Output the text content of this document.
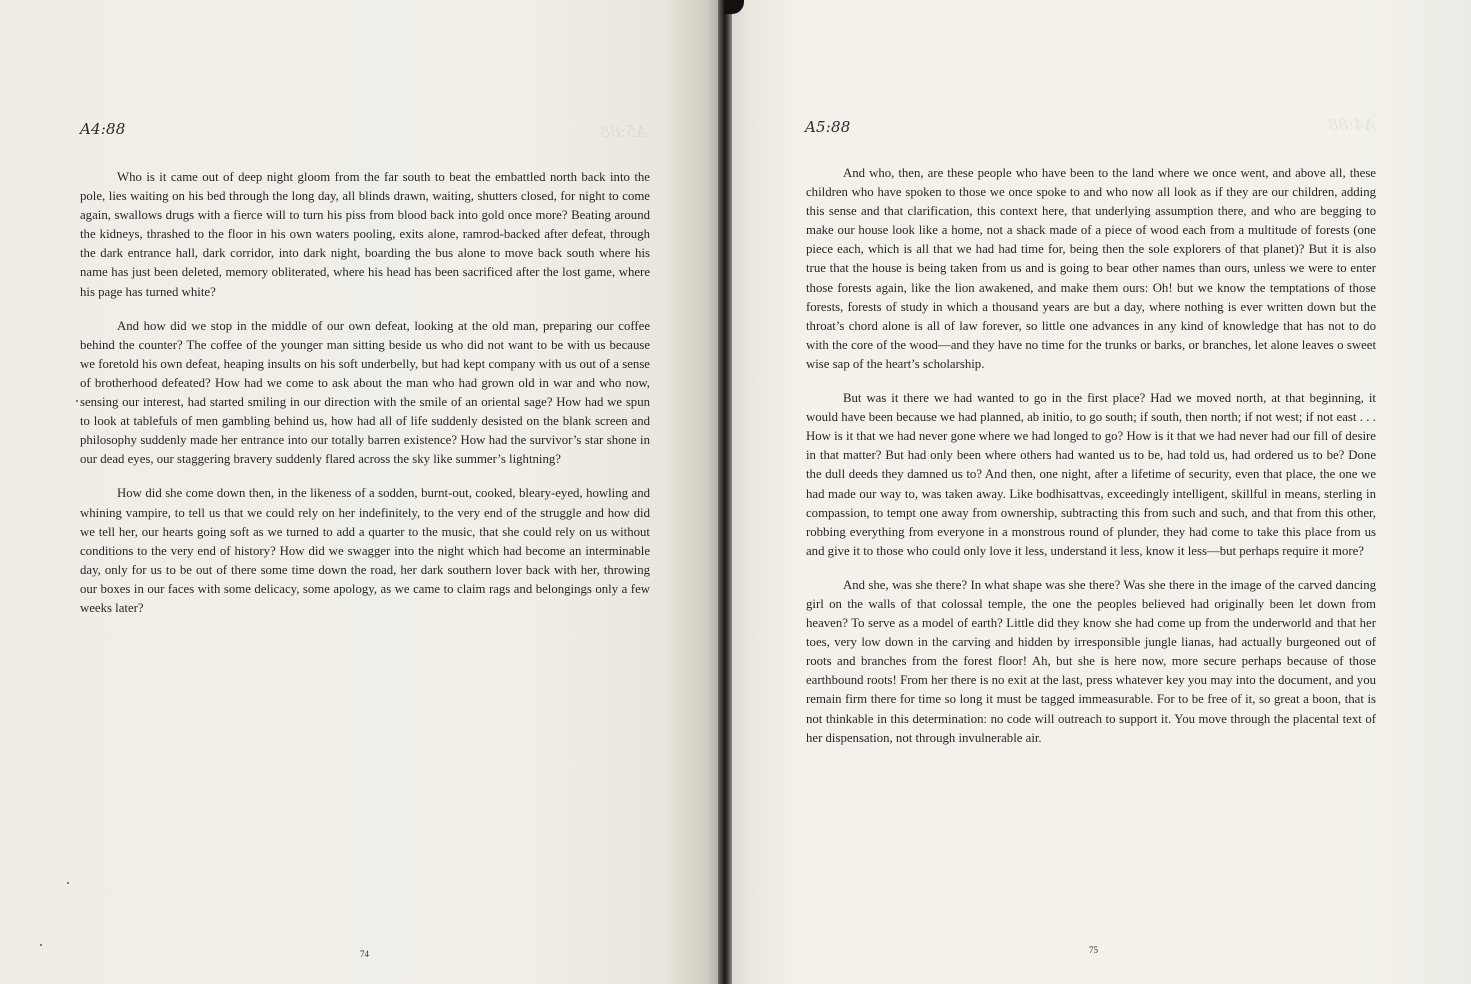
A5:88
A4:88

Who is it came out of deep night gloom from the far south to beat the embattled north back into the pole, lies waiting on his bed through the long day, all blinds drawn, waiting, shutters closed, for night to come again, swallows drugs with a fierce will to turn his piss from blood back into gold once more? Beating around the kidneys, thrashed to the floor in his own waters pooling, exits alone, ramrod-backed after defeat, through the dark entrance hall, dark corridor, into dark night, boarding the bus alone to move back south where his name has just been deleted, memory obliterated, where his head has been sacrificed after the lost game, where his page has turned white?

And how did we stop in the middle of our own defeat, looking at the old man, preparing our coffee behind the counter? The coffee of the younger man sitting beside us who did not want to be with us because we foretold his own defeat, heaping insults on his soft underbelly, but had kept company with us out of a sense of brotherhood defeated? How had we come to ask about the man who had grown old in war and who now, sensing our interest, had started smiling in our direction with the smile of an oriental sage? How had we spun to look at tablefuls of men gambling behind us, how had all of life suddenly desisted on the blank screen and philosophy suddenly made her entrance into our totally barren existence? How had the survivor’s star shone in our dead eyes, our staggering bravery suddenly flared across the sky like summer’s lightning?

How did she come down then, in the likeness of a sodden, burnt-out, cooked, bleary-eyed, howling and whining vampire, to tell us that we could rely on her indefinitely, to the very end of the struggle and how did we tell her, our hearts going soft as we turned to add a quarter to the music, that she could rely on us without conditions to the very end of history? How did we swagger into the night which had become an interminable day, only for us to be out of there some time down the road, her dark southern lover back with her, throwing our boxes in our faces with some delicacy, some apology, as we came to claim rags and belongings only a few weeks later?

74
A4:88
A5:88

And who, then, are these people who have been to the land where we once went, and above all, these children who have spoken to those we once spoke to and who now all look as if they are our children, adding this sense and that clarification, this context here, that underlying assumption there, and who are begging to make our house look like a home, not a shack made of a piece of wood each from a multitude of forests (one piece each, which is all that we had had time for, being then the sole explorers of that planet)? But it is also true that the house is being taken from us and is going to bear other names than ours, unless we were to enter those forests again, like the lion awakened, and make them ours: Oh! but we know the temptations of those forests, forests of study in which a thousand years are but a day, where nothing is ever written down but the throat’s chord alone is all of law forever, so little one advances in any kind of knowledge that has not to do with the core of the wood—and they have no time for the trunks or barks, or branches, let alone leaves o sweet wise sap of the heart’s scholarship.

But was it there we had wanted to go in the first place? Had we moved north, at that beginning, it would have been because we had planned, ab initio, to go south; if south, then north; if not west; if not east . . . How is it that we had never gone where we had longed to go? How is it that we had never had our fill of desire in that matter? But had only been where others had wanted us to be, had told us, had ordered us to be? Done the dull deeds they damned us to? And then, one night, after a lifetime of security, even that place, the one we had made our way to, was taken away. Like bodhisattvas, exceedingly intelligent, skillful in means, sterling in compassion, to tempt one away from ownership, subtracting this from such and such, and that from this other, robbing everything from everyone in a monstrous round of plunder, they had come to take this place from us and give it to those who could only love it less, understand it less, know it less—but perhaps require it more?

And she, was she there? In what shape was she there? Was she there in the image of the carved dancing girl on the walls of that colossal temple, the one the peoples believed had originally been let down from heaven? To serve as a model of earth? Little did they know she had come up from the underworld and that her toes, very low down in the carving and hidden by irresponsible jungle lianas, had actually burgeoned out of roots and branches from the forest floor! Ah, but she is here now, more secure perhaps because of those earthbound roots! From her there is no exit at the last, press whatever key you may into the document, and you remain firm there for time so long it must be tagged immeasurable. For to be free of it, so great a boon, that is not thinkable in this determination: no code will outreach to support it. You move through the placental text of her dispensation, not through invulnerable air.

75
